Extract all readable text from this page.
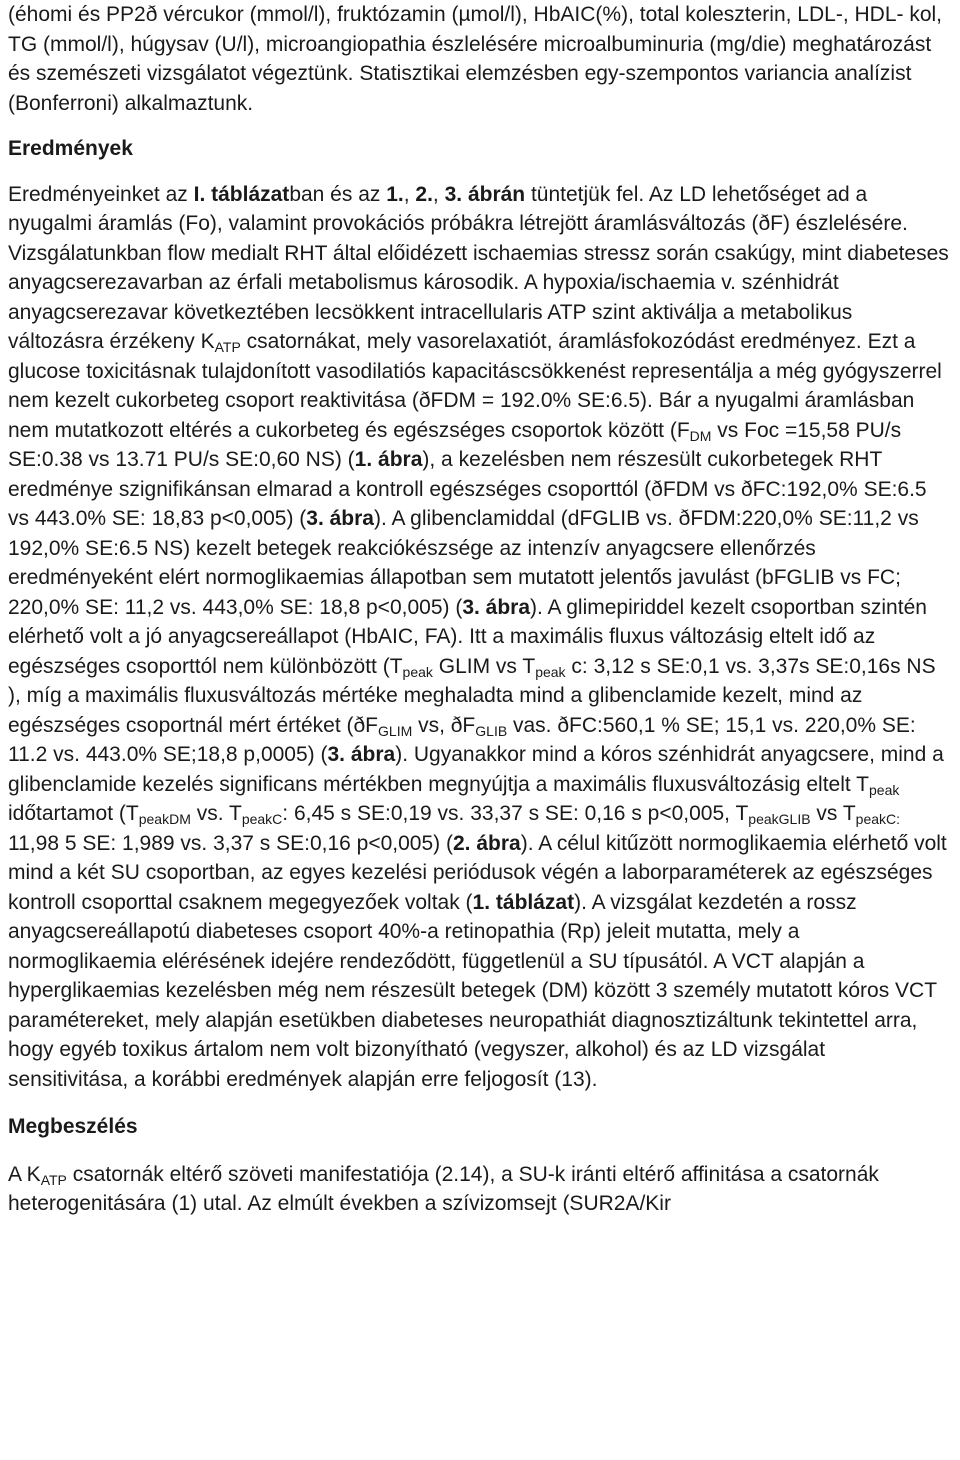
(éhomi és PP2ð vércukor (mmol/l), fruktózamin (µmol/l), HbAIC(%), total koleszterin, LDL-, HDL- kol, TG (mmol/l), húgysav (U/l), microangiopathia észlelésére microalbuminuria (mg/die) meghatározást és szemészeti vizsgálatot végeztünk. Statisztikai elemzésben egy-szempontos variancia analízist (Bonferroni) alkalmaztunk.

Eredmények

Eredményeinket az I. táblázatban és az 1., 2., 3. ábrán tüntetjük fel. Az LD lehetőséget ad a nyugalmi áramlás (Fo), valamint provokációs próbákra létrejött áramlásváltozás (ðF) észlelésére. Vizsgálatunkban flow medialt RHT által előidézett ischaemias stressz során csakúgy, mint diabeteses anyagcserezavarban az érfali metabolismus károsodik. A hypoxia/ischaemia v. szénhidrát anyagcserezavar következtében lecsökkent intracellularis ATP szint aktiválja a metabolikus változásra érzékeny $K_{ATP}$ csatornákat, mely vasorelaxatiót, áramlásfokozódást eredményez. Ezt a glucose toxicitásnak tulajdonított vasodilatiós kapacitáscsökkenést representálja a még gyógyszerrel nem kezelt cukorbeteg csoport reaktivitása (ðFDM = 192.0% SE:6.5). Bár a nyugalmi áramlásban nem mutatkozott eltérés a cukorbeteg és egészséges csoportok között ($F_{DM}$ vs Foc =15,58 PU/s SE:0.38 vs 13.71 PU/s SE:0,60 NS) (1. ábra), a kezelésben nem részesült cukorbetegek RHT eredménye szignifikánsan elmarad a kontroll egészséges csoporttól (ðFDM vs ðFC:192,0% SE:6.5 vs 443.0% SE: 18,83 p<0,005) (3. ábra). A glibenclamiddal (dFGLIB vs. ðFDM:220,0% SE:11,2 vs 192,0% SE:6.5 NS) kezelt betegek reakciókészsége az intenzív anyagcsere ellenőrzés eredményeként elért normoglikaemias állapotban sem mutatott jelentős javulást (bFGLIB vs FC; 220,0% SE: 11,2 vs. 443,0% SE: 18,8 p<0,005) (3. ábra). A glimepiriddel kezelt csoportban szintén elérhető volt a jó anyagcsereállapot (HbAIC, FA). Itt a maximális fluxus változásig eltelt idő az egészséges csoporttól nem különbözött ($T_{peak}$ GLIM vs $T_{peak}$ c: 3,12 s SE:0,1 vs. 3,37s SE:0,16s NS ), míg a maximális fluxusváltozás mértéke meghaladta mind a glibenclamide kezelt, mind az egészséges csoportnál mért értéket ($ðF_{GLIM}$ vs, $ðF_{GLIB}$ vas. ðFC:560,1 % SE; 15,1 vs. 220,0% SE: 11.2 vs. 443.0% SE;18,8 p,0005) (3. ábra). Ugyanakkor mind a kóros szénhidrát anyagcsere, mind a glibenclamide kezelés significans mértékben megnyújtja a maximális fluxusváltozásig eltelt $T_{peak}$ időtartamot ($T_{peakDM}$ vs. $T_{peakC}$: 6,45 s SE:0,19 vs. 33,37 s SE: 0,16 s p<0,005, $T_{peakGLIB}$ vs $T_{peakC:}$ 11,98 5 SE: 1,989 vs. 3,37 s SE:0,16 p<0,005) (2. ábra). A célul kitűzött normoglikaemia elérhető volt mind a két SU csoportban, az egyes kezelési periódusok végén a laborparaméterek az egészséges kontroll csoporttal csaknem megegyezőek voltak (1. táblázat). A vizsgálat kezdetén a rossz anyagcsereállapotú diabeteses csoport 40%-a retinopathia (Rp) jeleit mutatta, mely a normoglikaemia elérésének idejére rendeződött, függetlenül a SU típusától. A VCT alapján a hyperglikaemias kezelésben még nem részesült betegek (DM) között 3 személy mutatott kóros VCT paramétereket, mely alapján esetükben diabeteses neuropathiát diagnosztizáltunk tekintettel arra, hogy egyéb toxikus ártalom nem volt bizonyítható (vegyszer, alkohol) és az LD vizsgálat sensitivitása, a korábbi eredmények alapján erre feljogosít (13).

Megbeszélés

A $K_{ATP}$ csatornák eltérő szöveti manifestatiója (2.14), a SU-k iránti eltérő affinitása a csatornák heterogenitására (1) utal. Az elmúlt években a szívizomsejt (SUR2A/Kir
